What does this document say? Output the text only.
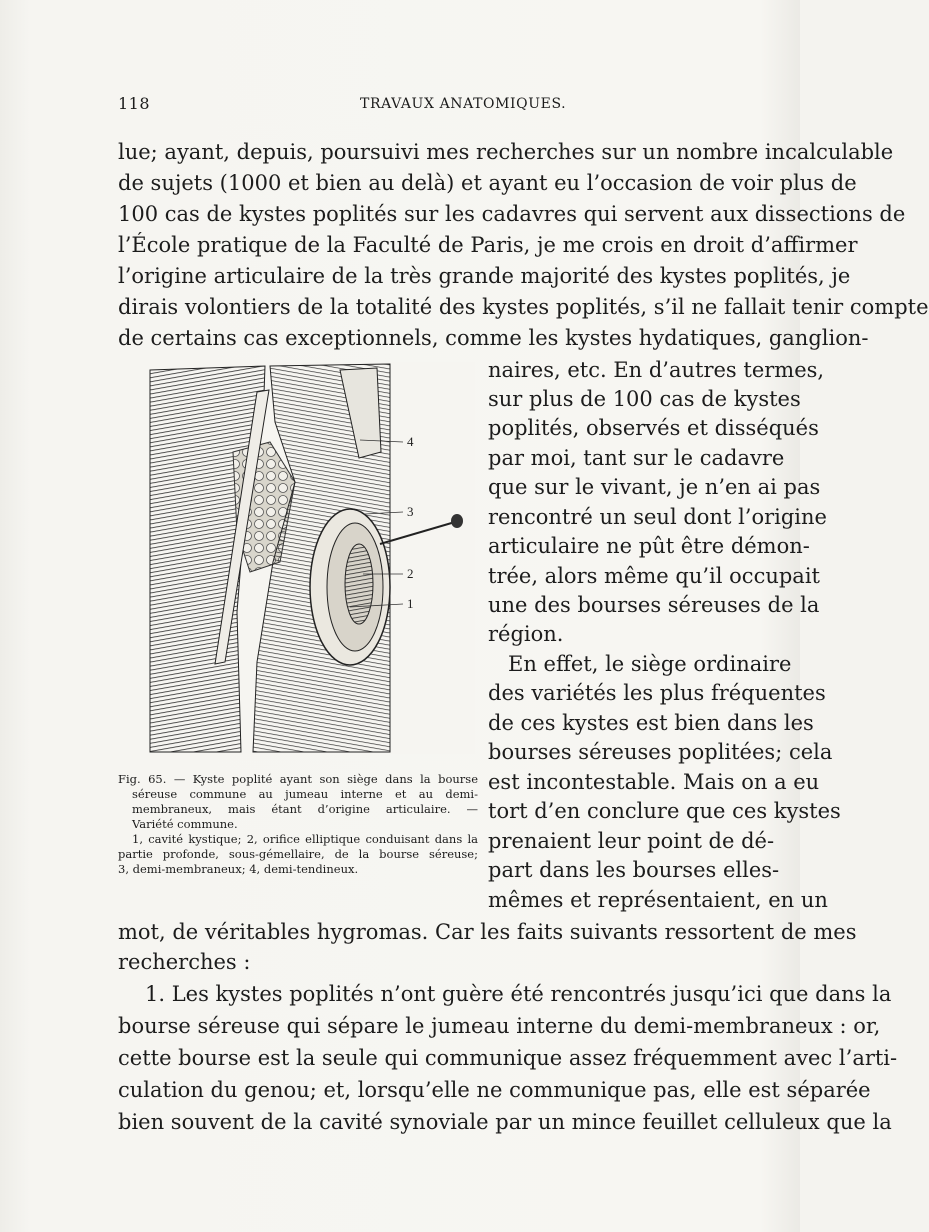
118	TRAVAUX ANATOMIQUES.
lue; ayant, depuis, poursuivi mes recherches sur un nombre incalculable
de sujets (1000 et bien au delà) et ayant eu l’occasion de voir plus de
100 cas de kystes poplités sur les cadavres qui servent aux dissections de
l’École pratique de la Faculté de Paris, je me crois en droit d’affirmer
l’origine articulaire de la très grande majorité des kystes poplités, je
dirais volontiers de la totalité des kystes poplités, s’il ne fallait tenir compte
de certains cas exceptionnels, comme les kystes hydatiques, ganglion-
naires, etc. En d’autres termes,
sur plus de 100 cas de kystes
poplités, observés et disséqués
par moi, tant sur le cadavre
que sur le vivant, je n’en ai pas
rencontré un seul dont l’origine
articulaire ne pût être démon-
trée, alors même qu’il occupait
une des bourses séreuses de la
région.
En effet, le siège ordinaire
des variétés les plus fréquentes
de ces kystes est bien dans les
bourses séreuses poplitées; cela
est incontestable. Mais on a eu
tort d’en conclure que ces kystes
prenaient leur point de dé-
part dans les bourses elles-
mêmes et représentaient, en un
4
3
2
1
Fig. 65. — Kyste poplité ayant son siège dans la bourse
séreuse commune au jumeau interne et au demi-
membraneux, mais étant d’origine articulaire. —
Variété commune.
1, cavité kystique; 2, orifice elliptique conduisant dans la
partie profonde, sous-gémellaire, de la bourse séreuse;
3, demi-membraneux; 4, demi-tendineux.
mot, de véritables hygromas. Car les faits suivants ressortent de mes
recherches :
1. Les kystes poplités n’ont guère été rencontrés jusqu’ici que dans la
bourse séreuse qui sépare le jumeau interne du demi-membraneux : or,
cette bourse est la seule qui communique assez fréquemment avec l’arti-
culation du genou; et, lorsqu’elle ne communique pas, elle est séparée
bien souvent de la cavité synoviale par un mince feuillet celluleux que la
